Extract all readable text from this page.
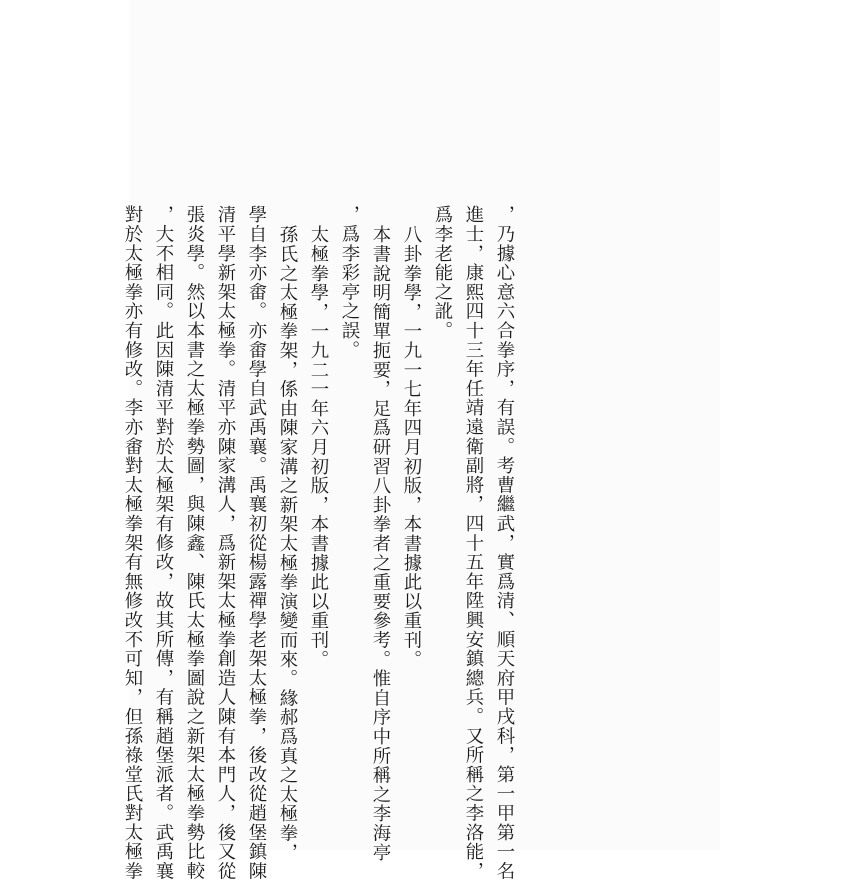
，乃據心意六合拳序，有誤。考曹繼武，實爲清、順天府甲戌科，第一甲第一名
進士，康熙四十三年任靖遠衛副將，四十五年陞興安鎮總兵。又所稱之李洛能，
爲李老能之訛。
八卦拳學，一九一七年四月初版，本書據此以重刊。
本書說明簡單扼要，足爲研習八卦拳者之重要參考。惟自序中所稱之李海亭
，爲李彩亭之誤。
太極拳學，一九二一年六月初版，本書據此以重刊。
孫氏之太極拳架，係由陳家溝之新架太極拳演變而來。緣郝爲真之太極拳，
學自李亦畬。亦畬學自武禹襄。禹襄初從楊露禪學老架太極拳，後改從趙堡鎮陳
清平學新架太極拳。清平亦陳家溝人，爲新架太極拳創造人陳有本門人，後又從
張炎學。然以本書之太極拳勢圖，與陳鑫、陳氏太極拳圖說之新架太極拳勢比較
，大不相同。此因陳清平對於太極架有修改，故其所傳，有稱趙堡派者。武禹襄
對於太極拳亦有修改。李亦畬對太極拳架有無修改不可知，但孫祿堂氏對太極拳
